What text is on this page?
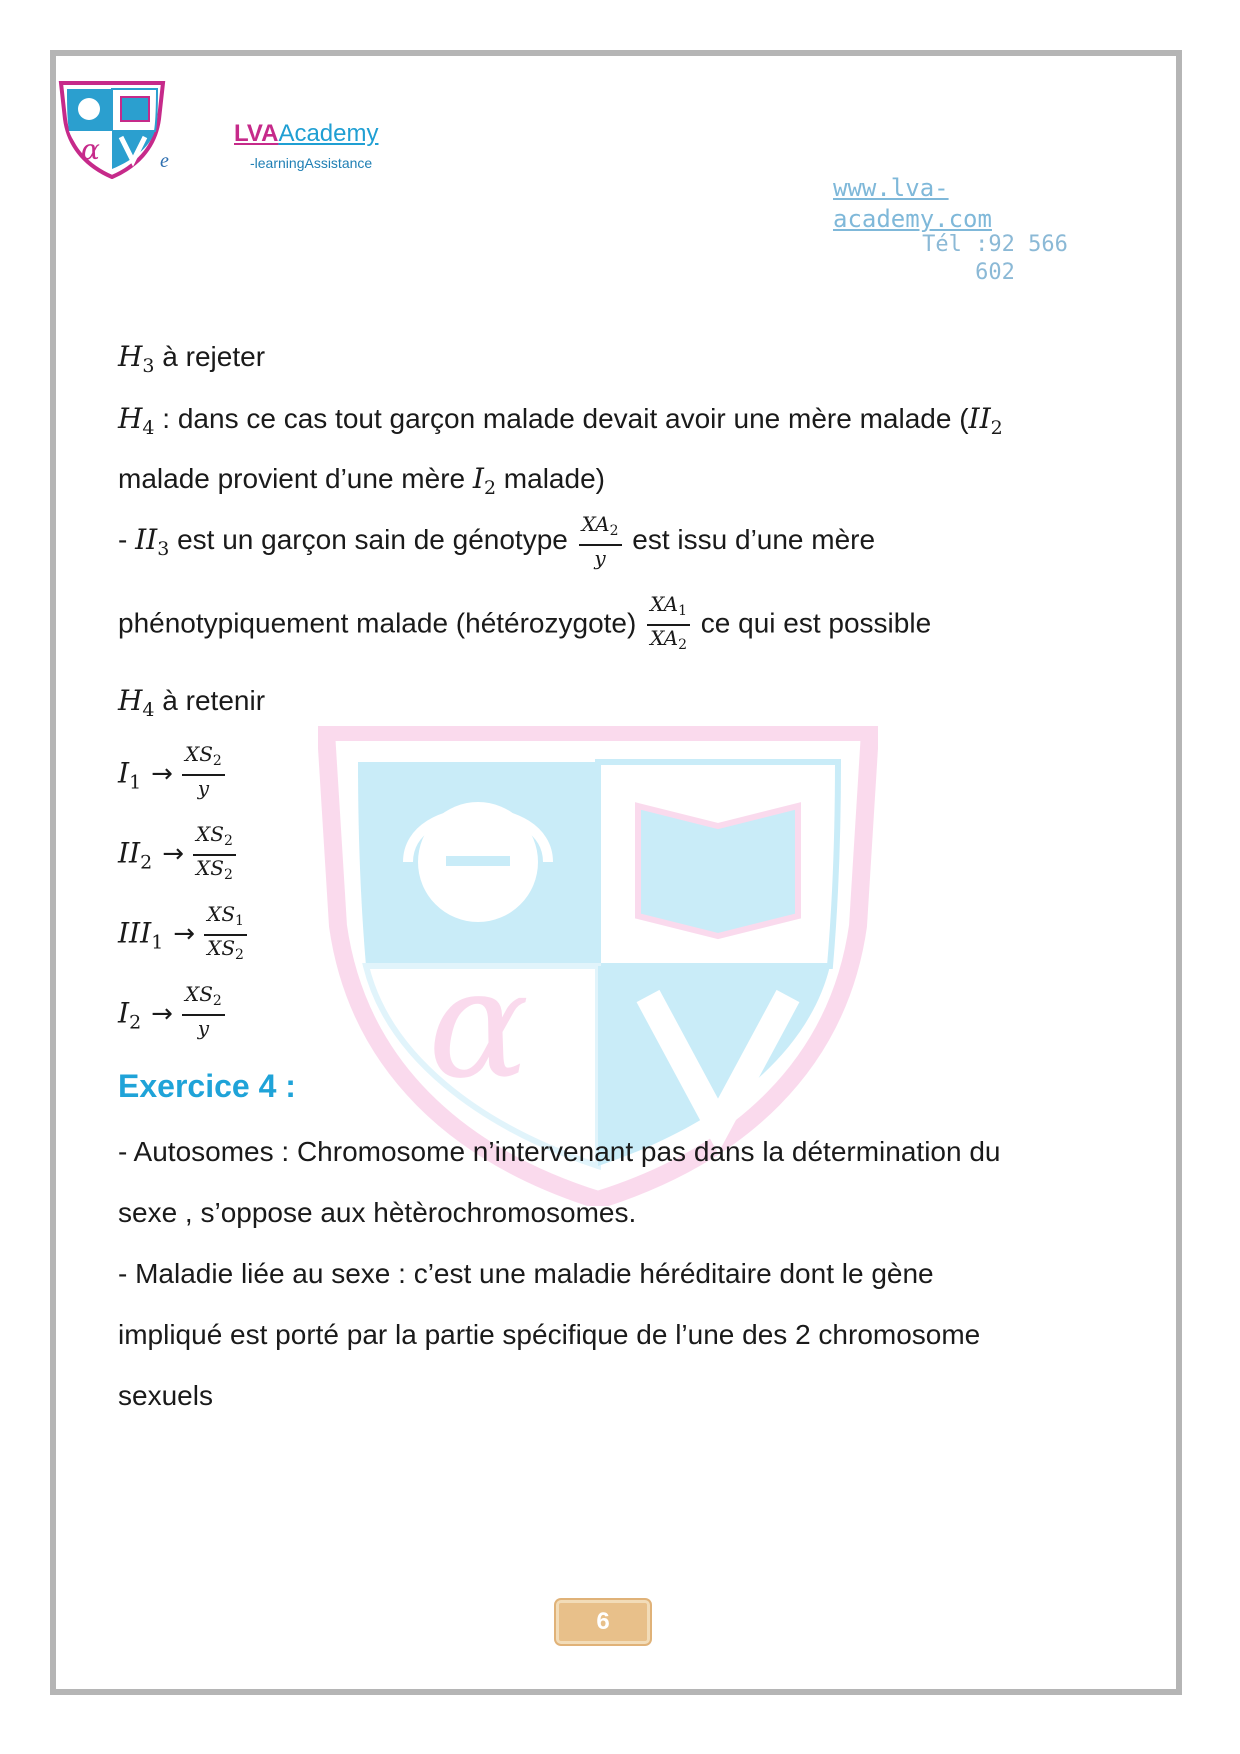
α	e
LVAAcademy
-learningAssistance
www.lva-
academy.com
Tél :92 566
602
α
$H_3$ à rejeter
$H_4$ : dans ce cas tout garçon malade devait avoir une mère malade ($II_2$
malade provient d’une mère $I_2$ malade)
- $II_3$ est un garçon sain de génotype $\frac{XA_2}{y}$ est issu d’une mère
phénotypiquement malade (hétérozygote) $\frac{XA_1}{XA_2}$ ce qui est possible
$H_4$ à retenir
$I_1 \to \frac{XS_2}{y}$
$II_2 \to \frac{XS_2}{XS_2}$
$III_1 \to \frac{XS_1}{XS_2}$
$I_2 \to \frac{XS_2}{y}$
Exercice 4 :
- Autosomes : Chromosome n’intervenant pas dans la détermination du
sexe , s’oppose aux hètèrochromosomes.
- Maladie liée au sexe : c’est une maladie héréditaire dont le gène
impliqué est porté par la partie spécifique de l’une des 2 chromosome
sexuels
6
